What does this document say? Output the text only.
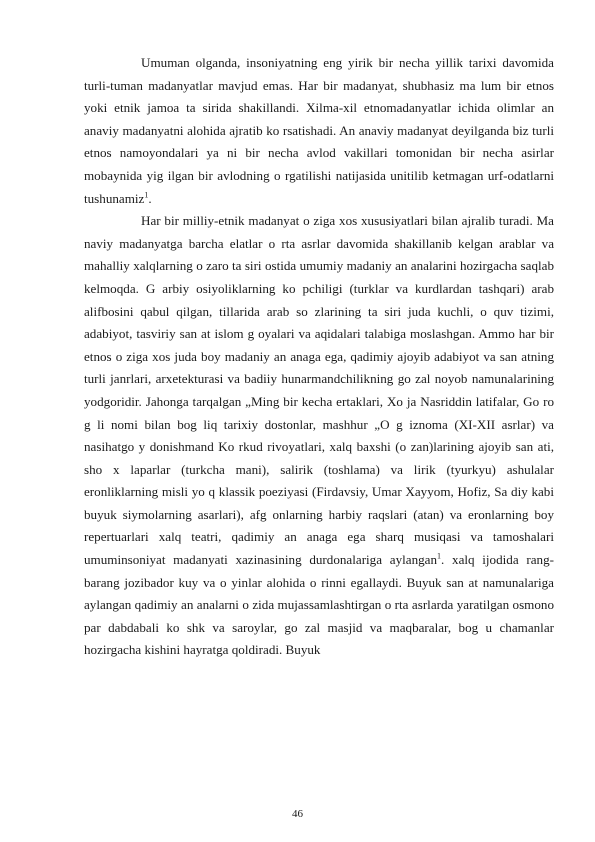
Umuman olganda, insoniyatning eng yirik bir necha yillik tarixi davomida turli-tuman madanyatlar mavjud emas. Har bir madanyat, shubhasiz ma lum bir etnos yoki etnik jamoa ta sirida shakillandi. Xilma-xil etnomadanyatlar ichida olimlar an anaviy madanyatni alohida ajratib ko rsatishadi. An anaviy madanyat deyilganda biz turli etnos namoyondalari ya ni bir necha avlod vakillari tomonidan bir necha asirlar mobaynida yig ilgan bir avlodning o rgatilishi natijasida unitilib ketmagan urf-odatlarni tushunamiz$^1$.

Har bir milliy-etnik madanyat o ziga xos xususiyatlari bilan ajralib turadi. Ma naviy madanyatga barcha elatlar o rta asrlar davomida shakillanib kelgan arablar va mahalliy xalqlarning o zaro ta siri ostida umumiy madaniy an analarini hozirgacha saqlab kelmoqda. G arbiy osiyoliklarning ko pchiligi (turklar va kurdlardan tashqari) arab alifbosini qabul qilgan, tillarida arab so zlarining ta siri juda kuchli, o quv tizimi, adabiyot, tasviriy san at islom g oyalari va aqidalari talabiga moslashgan. Ammo har bir etnos o ziga xos juda boy madaniy an anaga ega, qadimiy ajoyib adabiyot va san atning turli janrlari, arxetekturasi va badiiy hunarmandchilikning go zal noyob namunalarining yodgoridir. Jahonga tarqalgan „Ming bir kecha ertaklari, Xo ja Nasriddin latifalar, Go ro g li nomi bilan bog liq tarixiy dostonlar, mashhur „O g iznoma (XI-XII asrlar) va nasihatgo y donishmand Ko rkud rivoyatlari, xalq baxshi (o zan)larining ajoyib san ati, sho x laparlar (turkcha mani), salirik (toshlama) va lirik (tyurkyu) ashulalar eronliklarning misli yo q klassik poeziyasi (Firdavsiy, Umar Xayyom, Hofiz, Sa diy kabi buyuk siymolarning asarlari), afg onlarning harbiy raqslari (atan) va eronlarning boy repertuarlari xalq teatri, qadimiy an anaga ega sharq musiqasi va tamoshalari umuminsoniyat madanyati xazinasining durdonalariga aylangan$^1$. xalq ijodida rang-barang jozibador kuy va o yinlar alohida o rinni egallaydi. Buyuk san at namunalariga aylangan qadimiy an analarni o zida mujassamlashtirgan o rta asrlarda yaratilgan osmono par dabdabali ko shk va saroylar, go zal masjid va maqbaralar, bog u chamanlar hozirgacha kishini hayratga qoldiradi. Buyuk

46
